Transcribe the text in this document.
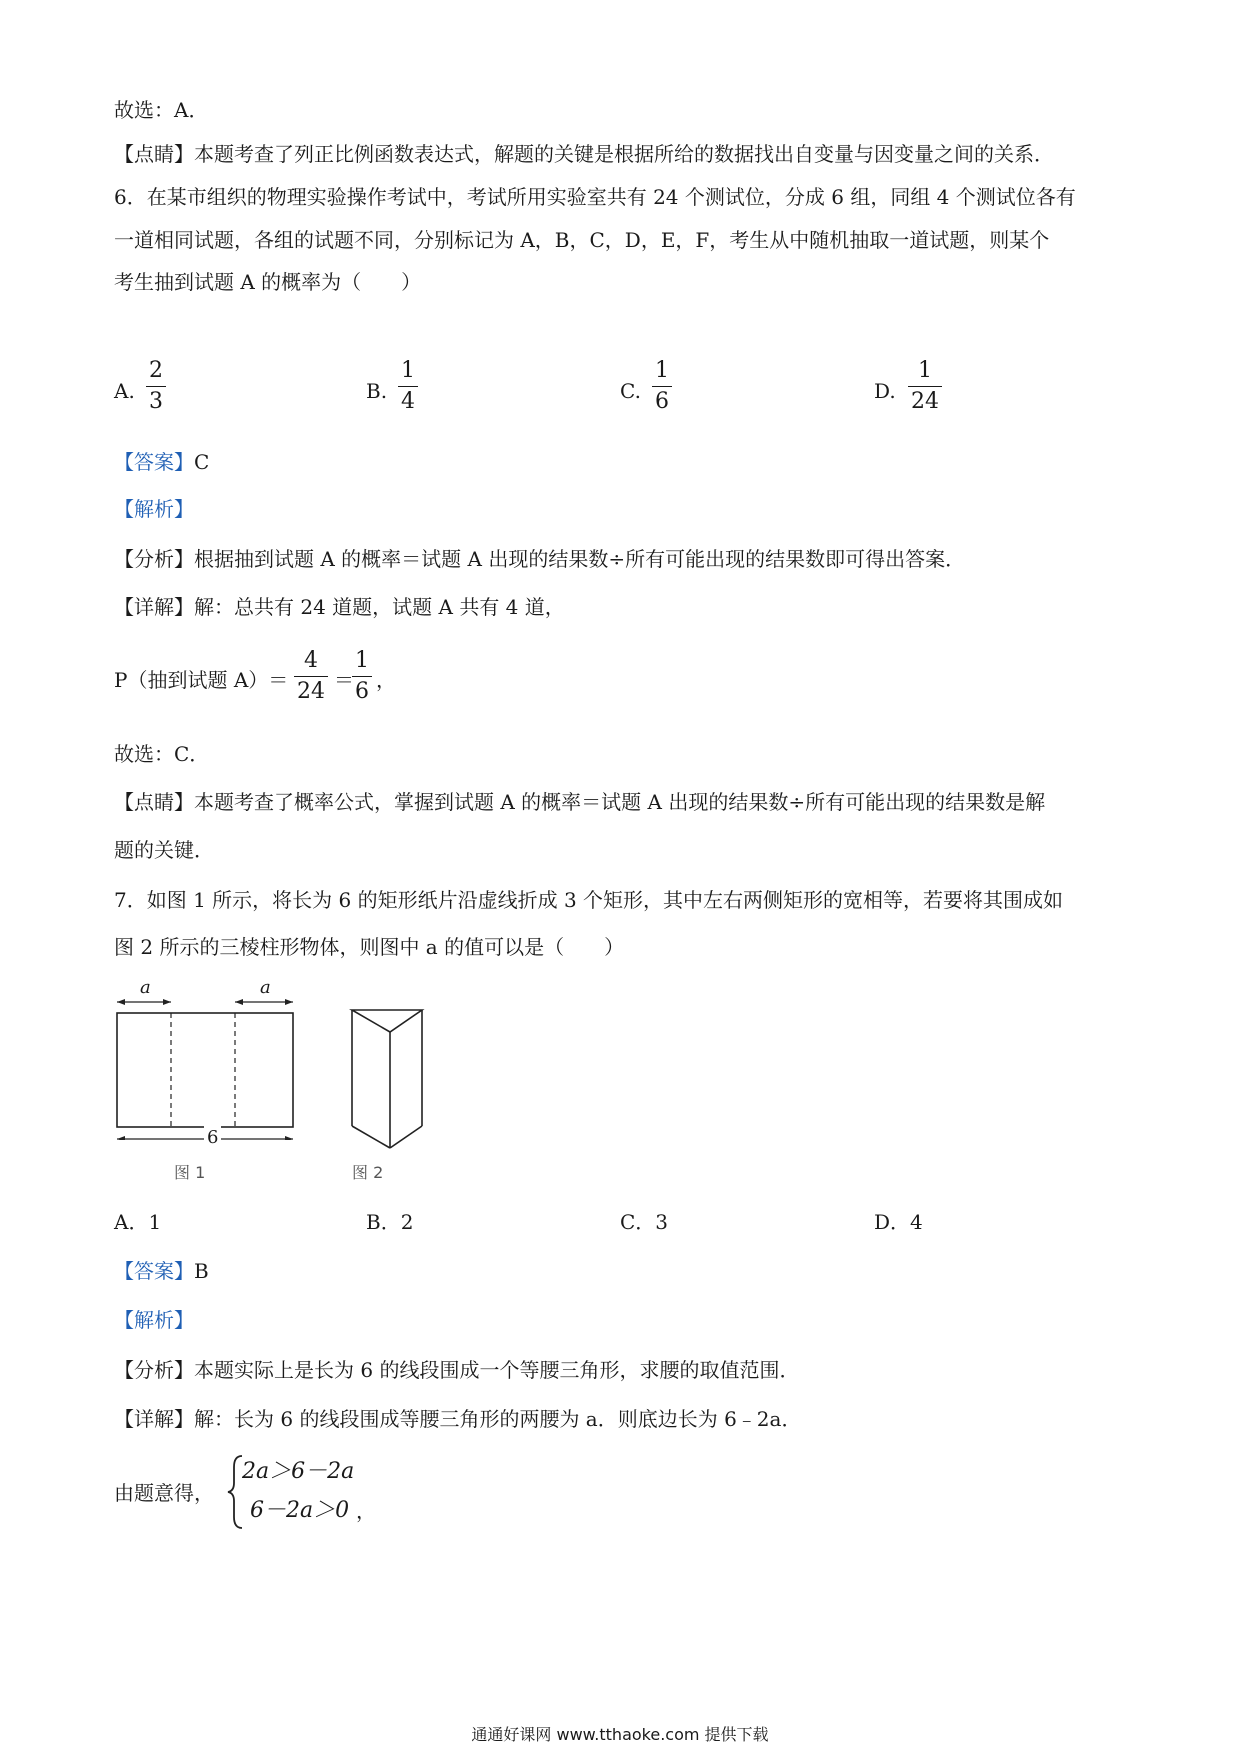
故选：A．
【点睛】本题考查了列正比例函数表达式，解题的关键是根据所给的数据找出自变量与因变量之间的关系．
6．在某市组织的物理实验操作考试中，考试所用实验室共有 24 个测试位，分成 6 组，同组 4 个测试位各有
一道相同试题，各组的试题不同，分别标记为 A，B，C，D，E，F，考生从中随机抽取一道试题，则某个
考生抽到试题 A 的概率为（　　）
A.
2
3	B.
1
4	C.
1
6	D.
1
24
【答案】C
【解析】
【分析】根据抽到试题 A 的概率＝试题 A 出现的结果数÷所有可能出现的结果数即可得出答案．
【详解】解：总共有 24 道题，试题 A 共有 4 道，
P（抽到试题 A）＝
4
24 ＝
1
6 ，
故选：C．
【点睛】本题考查了概率公式，掌握到试题 A 的概率＝试题 A 出现的结果数÷所有可能出现的结果数是解
题的关键．
7．如图 1 所示，将长为 6 的矩形纸片沿虚线折成 3 个矩形，其中左右两侧矩形的宽相等，若要将其围成如
图 2 所示的三棱柱形物体，则图中 a 的值可以是（　　）
a	a
6
图 1	图 2
A．1	B．2	C．3	D．4
【答案】B
【解析】
【分析】本题实际上是长为 6 的线段围成一个等腰三角形，求腰的取值范围．
【详解】解：长为 6 的线段围成等腰三角形的两腰为 a．则底边长为 6﹣2a．
由题意得，
2a＞6－2a
6－2a＞0 ，
通通好课网 www.tthaoke.com 提供下载
